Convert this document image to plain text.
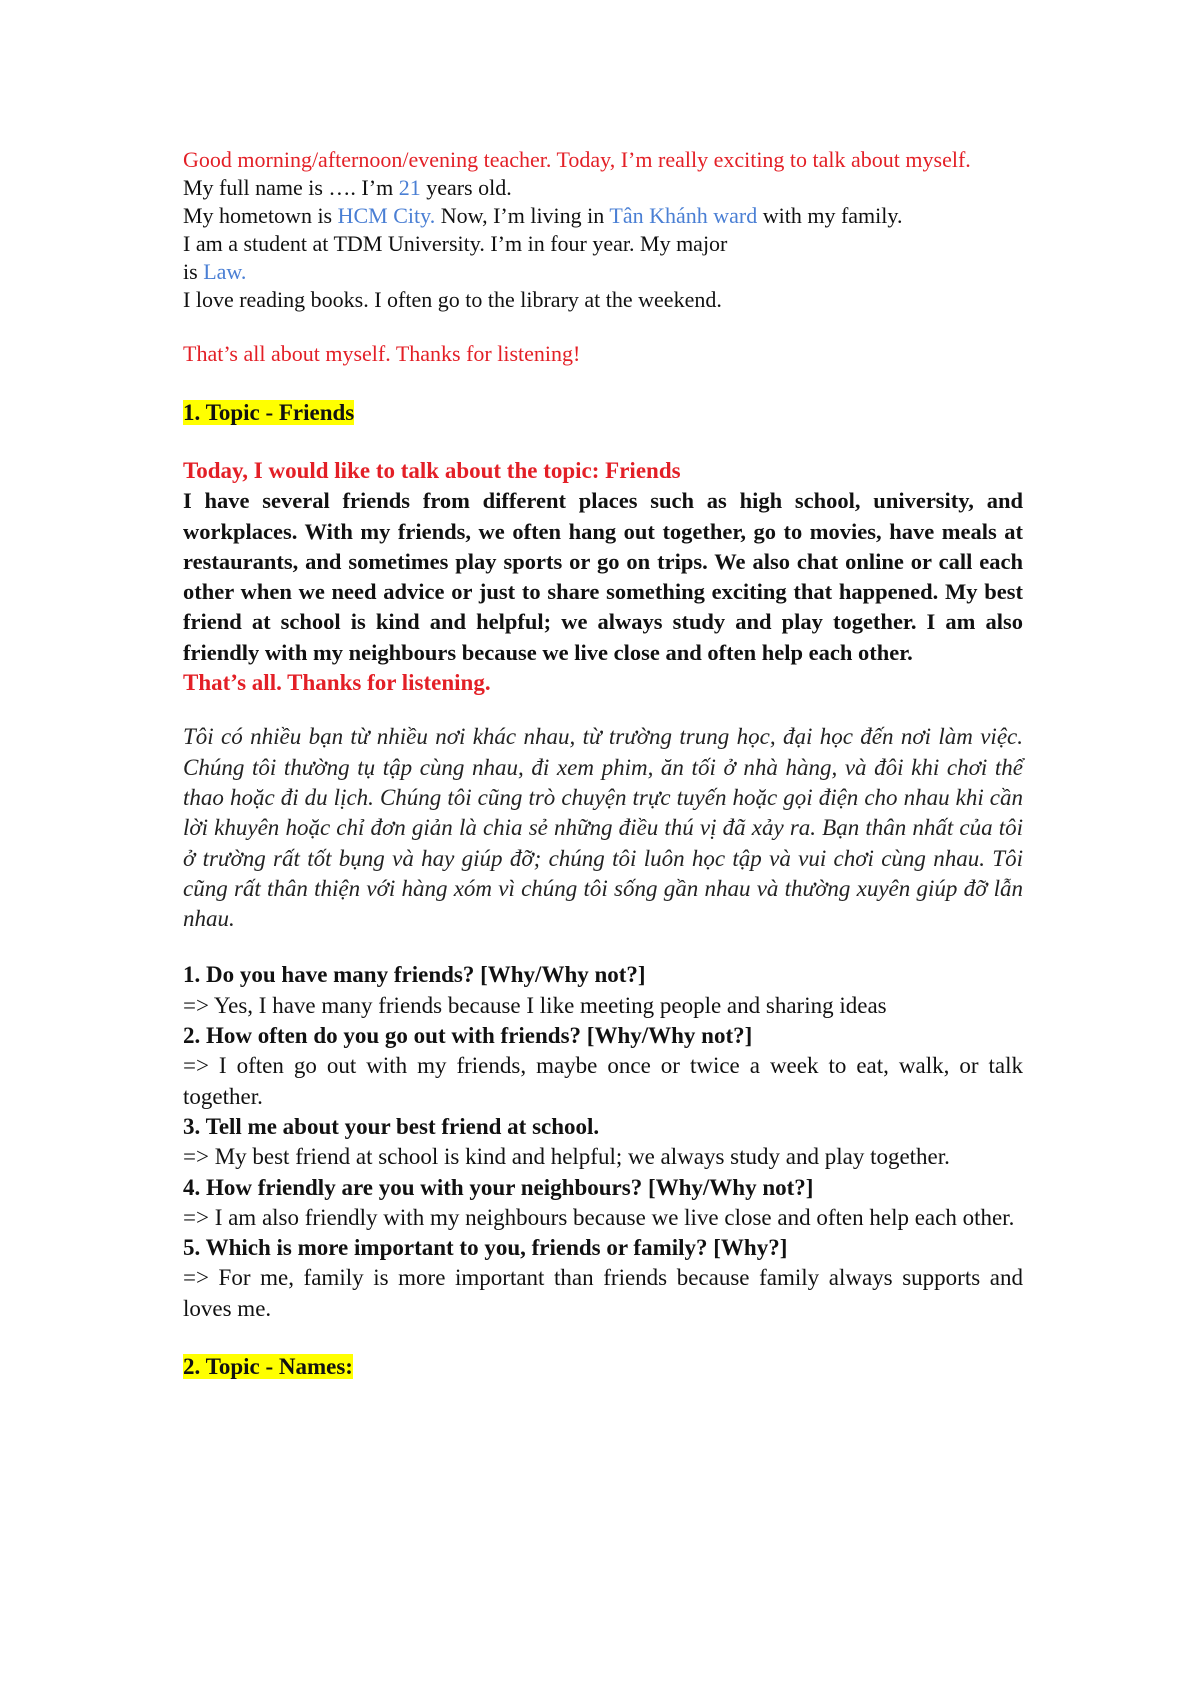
Good morning/afternoon/evening teacher. Today, I’m really exciting to talk about myself.

My full name is …. I’m 21 years old.

My hometown is HCM City. Now, I’m living in Tân Khánh ward with my family.

I am a student at TDM University. I’m in four year. My major

is Law.

I love reading books. I often go to the library at the weekend.

That’s all about myself. Thanks for listening!

1. Topic - Friends

Today, I would like to talk about the topic: Friends

I have several friends from different places such as high school, university, and workplaces. With my friends, we often hang out together, go to movies, have meals at restaurants, and sometimes play sports or go on trips. We also chat online or call each other when we need advice or just to share something exciting that happened. My best friend at school is kind and helpful; we always study and play together. I am also friendly with my neighbours because we live close and often help each other.

That’s all. Thanks for listening.

Tôi có nhiều bạn từ nhiều nơi khác nhau, từ trường trung học, đại học đến nơi làm việc. Chúng tôi thường tụ tập cùng nhau, đi xem phim, ăn tối ở nhà hàng, và đôi khi chơi thể thao hoặc đi du lịch. Chúng tôi cũng trò chuyện trực tuyến hoặc gọi điện cho nhau khi cần lời khuyên hoặc chỉ đơn giản là chia sẻ những điều thú vị đã xảy ra. Bạn thân nhất của tôi ở trường rất tốt bụng và hay giúp đỡ; chúng tôi luôn học tập và vui chơi cùng nhau. Tôi cũng rất thân thiện với hàng xóm vì chúng tôi sống gần nhau và thường xuyên giúp đỡ lẫn nhau.

1. Do you have many friends? [Why/Why not?]

=> Yes, I have many friends because I like meeting people and sharing ideas

2. How often do you go out with friends? [Why/Why not?]

=> I often go out with my friends, maybe once or twice a week to eat, walk, or talk together.

3. Tell me about your best friend at school.

=> My best friend at school is kind and helpful; we always study and play together.

4. How friendly are you with your neighbours? [Why/Why not?]

=> I am also friendly with my neighbours because we live close and often help each other.

5. Which is more important to you, friends or family? [Why?]

=> For me, family is more important than friends because family always supports and loves me.

2. Topic - Names:
